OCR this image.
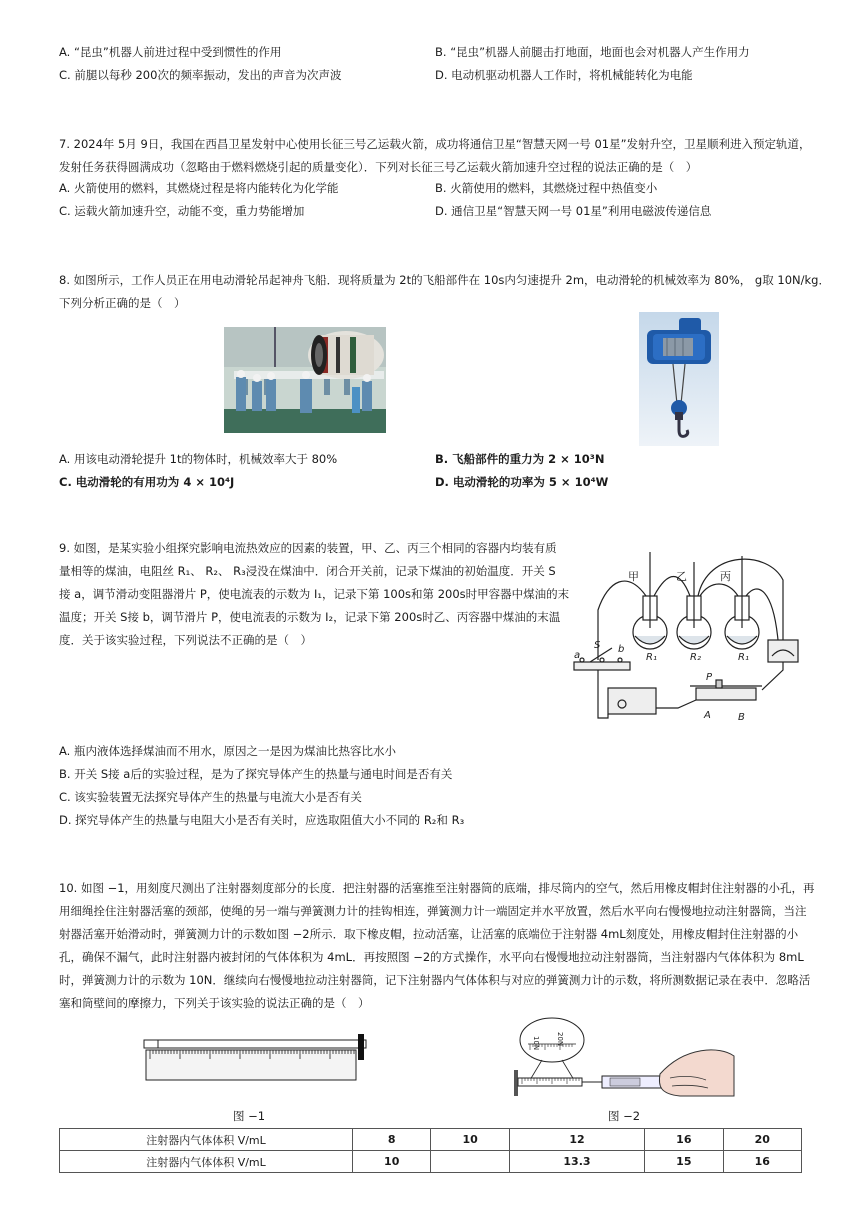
A. “昆虫”机器人前进过程中受到惯性的作用	B. “昆虫”机器人前腿击打地面，地面也会对机器人产生作用力
C. 前腿以每秒 200次的频率振动，发出的声音为次声波	D. 电动机驱动机器人工作时，将机械能转化为电能
7. 2024年 5月 9日，我国在西昌卫星发射中心使用长征三号乙运载火箭，成功将通信卫星“智慧天网一号 01星”发射升空，卫星顺利进入预定轨道，
发射任务获得圆满成功（忽略由于燃料燃烧引起的质量变化）．下列对长征三号乙运载火箭加速升空过程的说法正确的是（　）
A. 火箭使用的燃料，其燃烧过程是将内能转化为化学能	B. 火箭使用的燃料，其燃烧过程中热值变小
C. 运载火箭加速升空，动能不变，重力势能增加	D. 通信卫星“智慧天网一号 01星”利用电磁波传递信息
8. 如图所示，工作人员正在用电动滑轮吊起神舟飞船．现将质量为 2t的飞船部件在 10s内匀速提升 2m，电动滑轮的机械效率为 80%， g取 10N/kg．
下列分析正确的是（　）
A. 用该电动滑轮提升 1t的物体时，机械效率大于 80%	B. 飞船部件的重力为 2 × 10³N
C. 电动滑轮的有用功为 4 × 10⁴J	D. 电动滑轮的功率为 5 × 10⁴W
9. 如图，是某实验小组探究影响电流热效应的因素的装置，甲、乙、丙三个相同的容器内均装有质
量相等的煤油，电阻丝 R₁、 R₂、 R₃浸没在煤油中．闭合开关前，记录下煤油的初始温度．开关 S
接 a，调节滑动变阻器滑片 P，使电流表的示数为 I₁，记录下第 100s和第 200s时甲容器中煤油的末
温度；开关 S接 b，调节滑片 P，使电流表的示数为 I₂，记录下第 200s时乙、丙容器中煤油的末温
度．关于该实验过程，下列说法不正确的是（　）
甲	乙	丙
R₁	R₂	R₁
S
a
b
P
A	B
A. 瓶内液体选择煤油而不用水，原因之一是因为煤油比热容比水小
B. 开关 S接 a后的实验过程，是为了探究导体产生的热量与通电时间是否有关
C. 该实验装置无法探究导体产生的热量与电流大小是否有关
D. 探究导体产生的热量与电阻大小是否有关时，应选取阻值大小不同的 R₂和 R₃
10. 如图 −1，用刻度尺测出了注射器刻度部分的长度．把注射器的活塞推至注射器筒的底端，排尽筒内的空气，然后用橡皮帽封住注射器的小孔，再
用细绳拴住注射器活塞的颈部，使绳的另一端与弹簧测力计的挂钩相连，弹簧测力计一端固定并水平放置，然后水平向右慢慢地拉动注射器筒，当注
射器活塞开始滑动时，弹簧测力计的示数如图 −2所示．取下橡皮帽，拉动活塞，让活塞的底端位于注射器 4mL刻度处，用橡皮帽封住注射器的小
孔，确保不漏气，此时注射器内被封闭的气体体积为 4mL．再按照图 −2的方式操作，水平向右慢慢地拉动注射器筒，当注射器内气体体积为 8mL
时，弹簧测力计的示数为 10N．继续向右慢慢地拉动注射器筒，记下注射器内气体体积与对应的弹簧测力计的示数，将所测数据记录在表中．忽略活
塞和筒壁间的摩擦力，下列关于该实验的说法正确的是（　）
图 −1
10N 20N
图 −2
注射器内气体体积 V/mL	8	10	12	16	20
注射器内气体体积 V/mL	10		13.3	15	16
